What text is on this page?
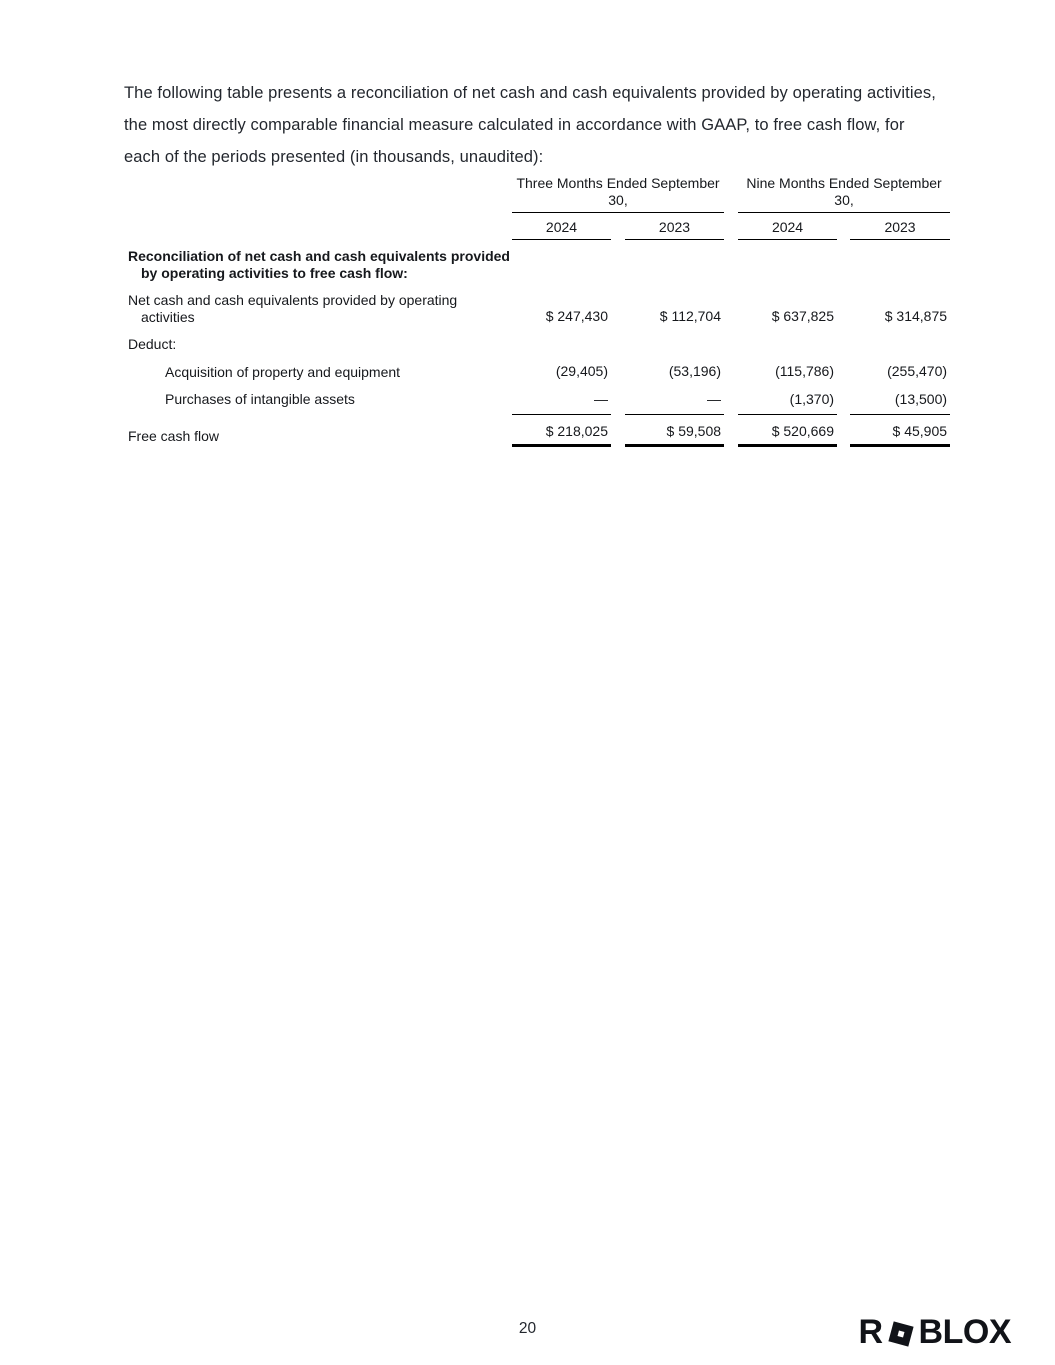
The following table presents a reconciliation of net cash and cash equivalents provided by operating activities, the most directly comparable financial measure calculated in accordance with GAAP, to free cash flow, for each of the periods presented (in thousands, unaudited):

	Three Months Ended September 30,				Nine Months Ended September 30,		
	2024		2023		2024		2023
Reconciliation of net cash and cash equivalents provided by operating activities to free cash flow:							
Net cash and cash equivalents provided by operating activities	$ 247,430		$ 112,704		$ 637,825		$ 314,875
Deduct:							
Acquisition of property and equipment	(29,405)		(53,196)		(115,786)		(255,470)
Purchases of intangible assets	—		—		(1,370)		(13,500)
Free cash flow	$ 218,025		$ 59,508		$ 520,669		$ 45,905
20	R BLOX
